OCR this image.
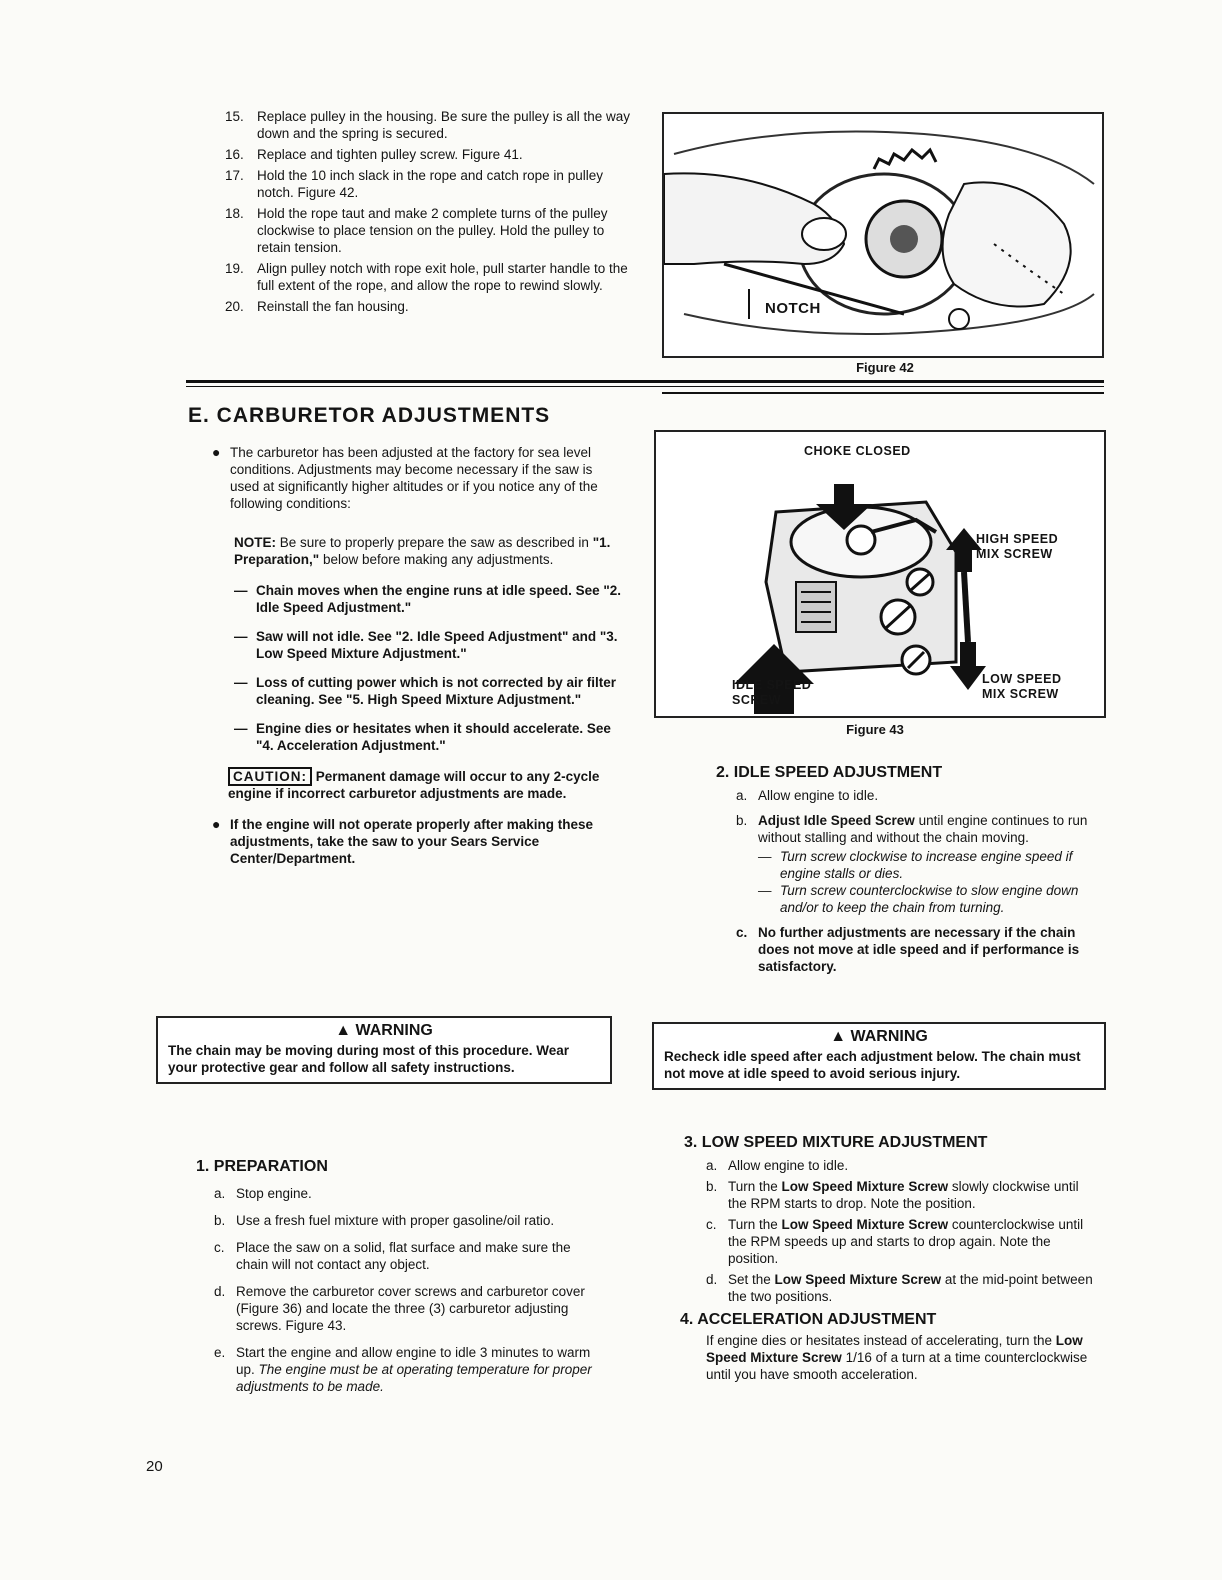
15. Replace pulley in the housing. Be sure the pulley is all the way down and the spring is secured.
16. Replace and tighten pulley screw. Figure 41.
17. Hold the 10 inch slack in the rope and catch rope in pulley notch. Figure 42.
18. Hold the rope taut and make 2 complete turns of the pulley clockwise to place tension on the pulley. Hold the pulley to retain tension.
19. Align pulley notch with rope exit hole, pull starter handle to the full extent of the rope, and allow the rope to rewind slowly.
20. Reinstall the fan housing.	NOTCH
Figure 42
E. CARBURETOR ADJUSTMENTS
● The carburetor has been adjusted at the factory for sea level conditions. Adjustments may become necessary if the saw is used at significantly higher altitudes or if you notice any of the following conditions:
NOTE: Be sure to properly prepare the saw as described in "1. Preparation," below before making any adjustments.
— Chain moves when the engine runs at idle speed. See "2. Idle Speed Adjustment."
— Saw will not idle. See "2. Idle Speed Adjustment" and "3. Low Speed Mixture Adjustment."
— Loss of cutting power which is not corrected by air filter cleaning. See "5. High Speed Mixture Adjustment."
— Engine dies or hesitates when it should accelerate. See "4. Acceleration Adjustment."
CAUTION: Permanent damage will occur to any 2-cycle engine if incorrect carburetor adjustments are made.
● If the engine will not operate properly after making these adjustments, take the saw to your Sears Service Center/Department.
CHOKE CLOSED
HIGH SPEED
MIX SCREW
IDLE SPEED
SCREW
LOW SPEED
MIX SCREW
Figure 43
2. IDLE SPEED ADJUSTMENT
a. Allow engine to idle.
b. Adjust Idle Speed Screw until engine continues to run without stalling and without the chain moving.
— Turn screw clockwise to increase engine speed if engine stalls or dies.
— Turn screw counterclockwise to slow engine down and/or to keep the chain from turning.
c. No further adjustments are necessary if the chain does not move at idle speed and if performance is satisfactory.
▲ WARNING
The chain may be moving during most of this procedure. Wear your protective gear and follow all safety instructions.
▲ WARNING
Recheck idle speed after each adjustment below. The chain must not move at idle speed to avoid serious injury.
1. PREPARATION
a. Stop engine.
b. Use a fresh fuel mixture with proper gasoline/oil ratio.
c. Place the saw on a solid, flat surface and make sure the chain will not contact any object.
d. Remove the carburetor cover screws and carburetor cover (Figure 36) and locate the three (3) carburetor adjusting screws. Figure 43.
e. Start the engine and allow engine to idle 3 minutes to warm up. The engine must be at operating temperature for proper adjustments to be made.
3. LOW SPEED MIXTURE ADJUSTMENT
a. Allow engine to idle.
b. Turn the Low Speed Mixture Screw slowly clockwise until the RPM starts to drop. Note the position.
c. Turn the Low Speed Mixture Screw counterclockwise until the RPM speeds up and starts to drop again. Note the position.
d. Set the Low Speed Mixture Screw at the mid-point between the two positions.
4. ACCELERATION ADJUSTMENT
If engine dies or hesitates instead of accelerating, turn the Low Speed Mixture Screw 1/16 of a turn at a time counterclockwise until you have smooth acceleration.
20
